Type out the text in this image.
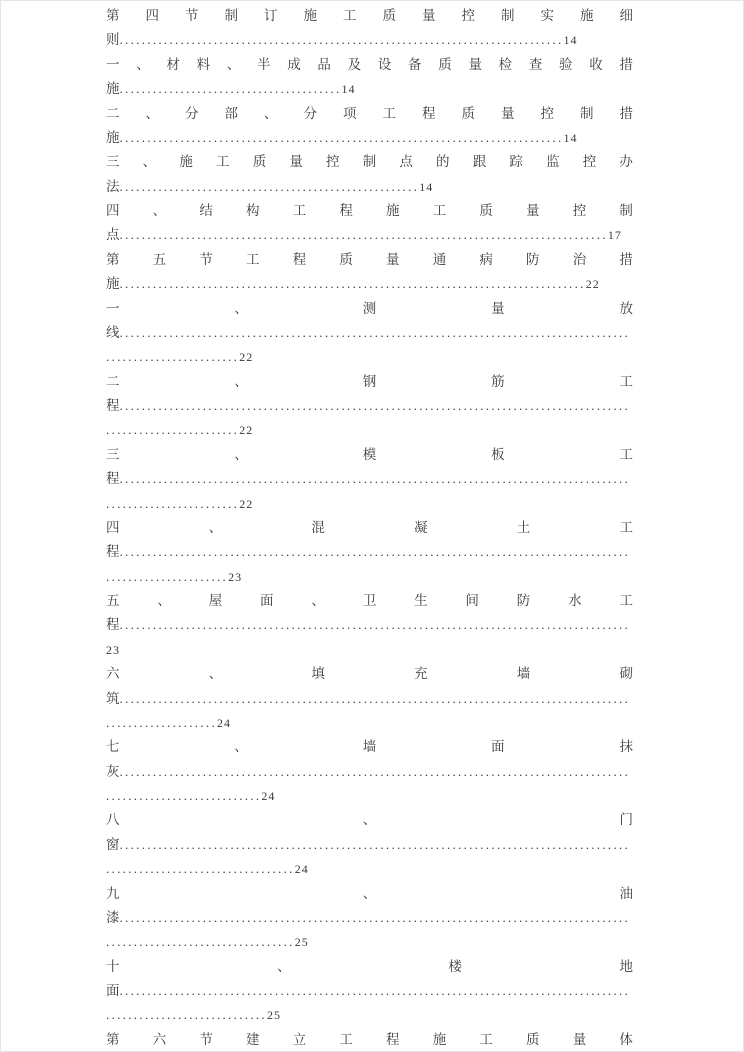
第 四 节 制 订 施 工 质 量 控 制 实 施 细
则................................................................................14
一 、 材 料 、 半 成 品 及 设 备 质 量 检 查 验 收 措
施........................................14
二 、 分 部 、 分 项 工 程 质 量 控 制 措
施................................................................................14
三 、 施 工 质 量 控 制 点 的 跟 踪 监 控 办
法......................................................14
四 、 结 构 工 程 施 工 质 量 控 制
点........................................................................................17
第 五 节 工 程 质 量 通 病 防 治 措
施....................................................................................22
一	、	测	量	放
线............................................................................................
........................22
二	、	钢	筋	工
程............................................................................................
........................22
三	、	模	板	工
程............................................................................................
........................22
四	、	混	凝	土	工
程............................................................................................
......................23
五	、	屋	面	、	卫	生	间	防	水	工
程............................................................................................
23
六	、	填	充	墙	砌
筑............................................................................................
....................24
七	、	墙	面	抹
灰............................................................................................
............................24
八	、	门
窗............................................................................................
..................................24
九	、	油
漆............................................................................................
..................................25
十	、	楼	地
面............................................................................................
.............................25
第 六 节 建 立 工 程 施 工 质 量 体
